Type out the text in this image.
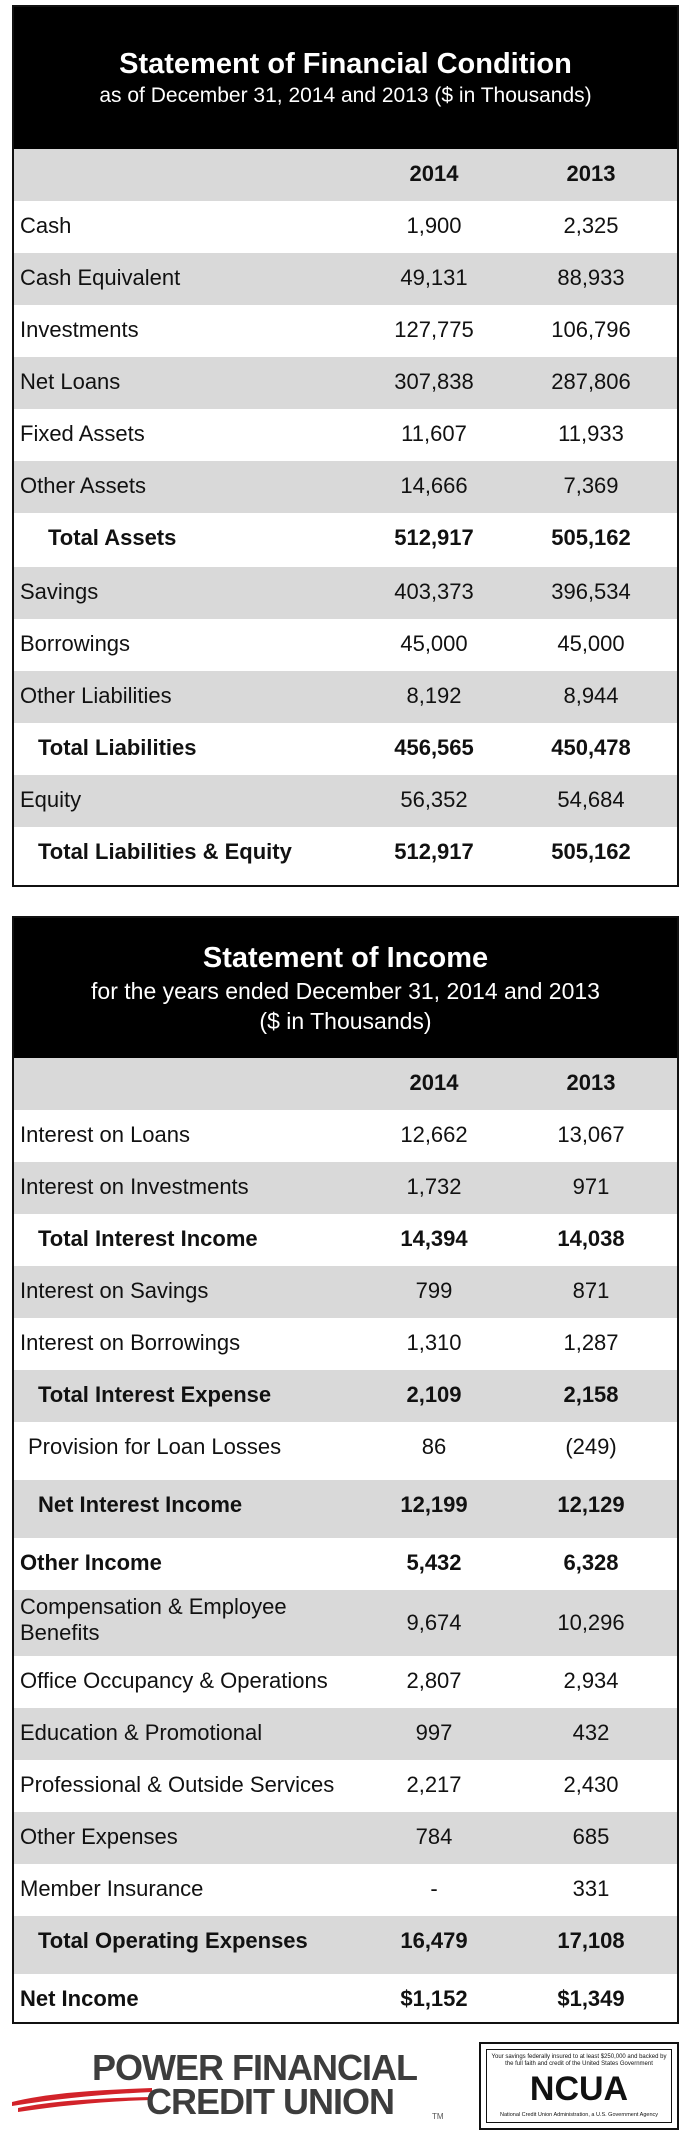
Statement of Financial Condition
as of December 31, 2014 and 2013 ($ in Thousands)
2014	2013
Cash	1,900	2,325
Cash Equivalent	49,131	88,933
Investments	127,775	106,796
Net Loans	307,838	287,806
Fixed Assets	11,607	11,933
Other Assets	14,666	7,369
Total Assets	512,917	505,162
Savings	403,373	396,534
Borrowings	45,000	45,000
Other Liabilities	8,192	8,944
Total Liabilities	456,565	450,478
Equity	56,352	54,684
Total Liabilities & Equity	512,917	505,162
Statement of Income
for the years ended December 31, 2014 and 2013
($ in Thousands)
2014	2013
Interest on Loans	12,662	13,067
Interest on Investments	1,732	971
Total Interest Income	14,394	14,038
Interest on Savings	799	871
Interest on Borrowings	1,310	1,287
Total Interest Expense	2,109	2,158
Provision for Loan Losses	86	(249)
Net Interest Income	12,199	12,129
Other Income	5,432	6,328
Compensation & Employee Benefits	9,674	10,296
Office Occupancy & Operations	2,807	2,934
Education & Promotional	997	432
Professional & Outside Services	2,217	2,430
Other Expenses	784	685
Member Insurance	-	331
Total Operating Expenses	16,479	17,108
Net Income	$1,152	$1,349
POWER FINANCIAL
CREDIT UNION	TM
Your savings federally insured to at least $250,000 and backed by the full faith and credit of the United States Government
NCUA
National Credit Union Administration, a U.S. Government Agency
